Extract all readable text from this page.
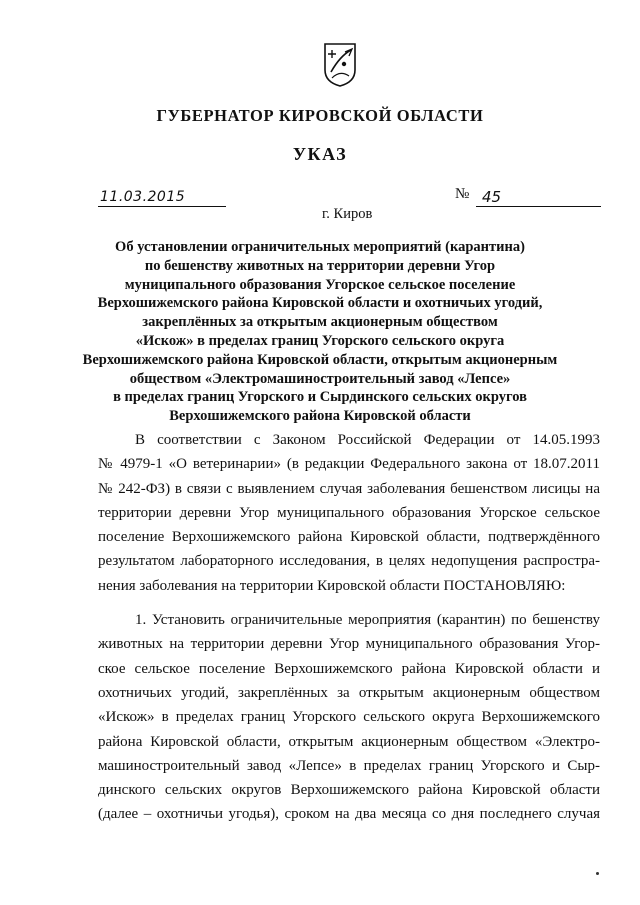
ГУБЕРНАТОР КИРОВСКОЙ ОБЛАСТИ
УКАЗ
11.03.2015	№ 45
г. Киров
Об установлении ограничительных мероприятий (карантина)
по бешенству животных на территории деревни Угор
муниципального образования Угорское сельское поселение
Верхошижемского района Кировской области и охотничьих угодий,
закреплённых за открытым акционерным обществом
«Искож» в пределах границ Угорского сельского округа
Верхошижемского района Кировской области, открытым акционерным
обществом «Электромашиностроительный завод «Лепсе»
в пределах границ Угорского и Сырдинского сельских округов
Верхошижемского района Кировской области
В соответствии с Законом Российской Федерации от 14.05.1993
№ 4979-1 «О ветеринарии» (в редакции Федерального закона от 18.07.2011
№ 242-ФЗ) в связи с выявлением случая заболевания бешенством лисицы на
территории деревни Угор муниципального образования Угорское сельское
поселение Верхошижемского района Кировской области, подтверждённого
результатом лабораторного исследования, в целях недопущения распростра-
нения заболевания на территории Кировской области ПОСТАНОВЛЯЮ:
1. Установить ограничительные мероприятия (карантин) по бешенству
животных на территории деревни Угор муниципального образования Угор-
ское сельское поселение Верхошижемского района Кировской области и
охотничьих угодий, закреплённых за открытым акционерным обществом
«Искож» в пределах границ Угорского сельского округа Верхошижемского
района Кировской области, открытым акционерным обществом «Электро-
машиностроительный завод «Лепсе» в пределах границ Угорского и Сыр-
динского сельских округов Верхошижемского района Кировской области
(далее – охотничьи угодья), сроком на два месяца со дня последнего случая
